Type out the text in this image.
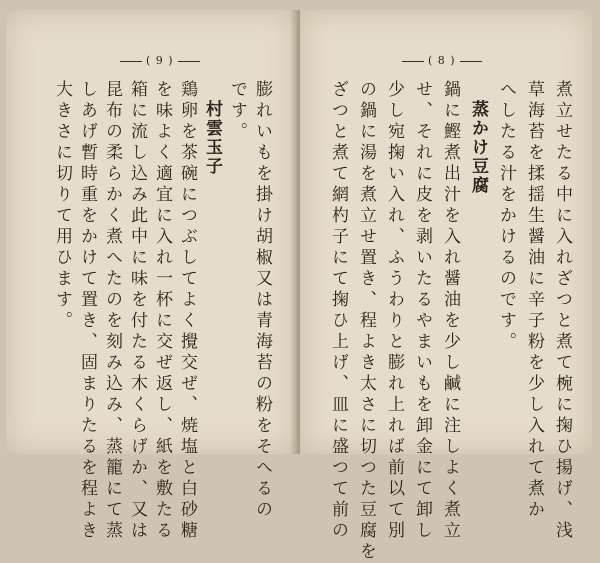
( 9 )
膨れいもを掛け胡椒又は青海苔の粉をそへるの
です。
村雲玉子
鶏卵を茶碗につぶしてよく攪交ぜ、焼塩と白砂糖
を味よく適宜に入れ一杯に交ぜ返し、紙を敷たる
箱に流し込み此中に味を付たる木くらげか、又は
昆布の柔らかく煮へたのを刻み込み、蒸籠にて蒸
しあげ暫時重をかけて置き、固まりたるを程よき
大きさに切りて用ひます。
( 8 )
煮立せたる中に入れざつと煮て椀に掬ひ揚げ、浅
草海苔を揉揺生醤油に辛子粉を少し入れて煮か
へしたる汁をかけるのです。
蒸かけ豆腐
鍋に鰹煮出汁を入れ醤油を少し鹹に注しよく煮立
せ、それに皮を剥いたるやまいもを卸金にて卸し
少し宛掬い入れ、ふうわりと膨れ上れば前以て別
の鍋に湯を煮立せ置き、程よき太さに切つた豆腐を
ざつと煮て網杓子にて掬ひ上げ、皿に盛つて前の
